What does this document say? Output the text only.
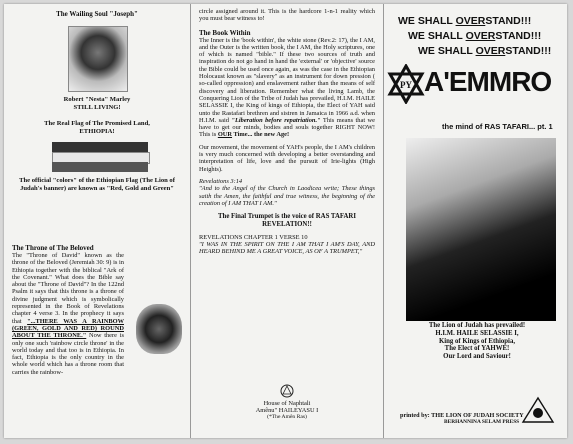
The Wailing Soul "Joseph"
Robert "Nesta" Marley
STILL LIVING!
The Real Flag of The Promised Land, ETHIOPIA!
The official "colors" of the Ethiopian Flag (The Lion of Judah's banner) are known as "Red, Gold and Green"
The Throne of The Beloved
The "Throne of David" known as the throne of the Beloved (Jeremiah 30: 9) is in Ethiopia together with the biblical "Ark of the Covenant." What does the Bible say about the "Throne of David"? In the 122nd Psalm it says that this throne is a throne of divine judgment which is symbolically represented in the Book of Revelations chapter 4 verse 3. In the prophecy it says that "...THERE WAS A RAINBOW (GREEN, GOLD AND RED) ROUND ABOUT THE THRONE." Now there is only one such 'rainbow circle throne' in the world today and that too is in Ethiopia. In fact, Ethiopia is the only country in the whole world which has a throne room that carries the rainbow-
circle assigned around it. This is the hardcore 1-n-1 reality which you must bear witness to!
The Book Within
The Inner is the 'book within', the white stone (Rev.2: 17), the I AM, and the Outer is the written book, the I AM, the Holy scriptures, one of which is named "bible." If these two sources of truth and inspiration do not go hand in hand the 'external' or 'objective' source the Bible could be used once again, as was the case in the Ethiopian Holocaust known as "slavery" as an instrument for down pression ( so-called oppression) and enslavement rather than the means of self discovery and liberation. Remember what the living Lamb, the Conquering Lion of the Tribe of Judah has prevailed, H.I.M. HAILE SELASSIE I, the King of kings of Ethiopia, the Elect of YAH said unto the Rastafari brethren and sistren in Jamaica in 1966 a.d. when H.I.M. said "Liberation before repatriation." This means that we have to get our minds, bodies and souls together RIGHT NOW! This is OUR Time... the new Age!
Our movement, the movement of YAH's people, the I AM's children is very much concerned with developing a better overstanding and interpretation of life, love and the pursuit of Irie-lights (High Heights).
Revelations 3:14
"And to the Angel of the Church in Laodicea write; These things saith the Amen, the faithful and true witness, the beginning of the creation of I AM THAT I AM."
The Final Trumpet is the voice of RAS TAFARI REVELATION!!
REVELATIONS CHAPTER 1 VERSE 10
"I WAS IN THE SPIRIT ON THE I AM THAT I AM'S DAY, AND HEARD BEHIND ME A GREAT VOICE, AS OF A TRUMPET,"
House of Naphtali
Amênu" HAILEYASU I
(*The Amên Ras)
WE SHALL OVERSTAND!!!
WE SHALL OVERSTAND!!!
WE SHALL OVERSTAND!!!
PY A'EMMRO
the mind of RAS TAFARI... pt. 1
The Lion of Judah has prevailed!
H.I.M. HAILE SELASSIE I,
King of Kings of Ethiopia,
The Elect of YAHWE!
Our Lord and Saviour!
printed by: THE LION OF JUDAH SOCIETY
BERHANNINA SELAM PRESS
